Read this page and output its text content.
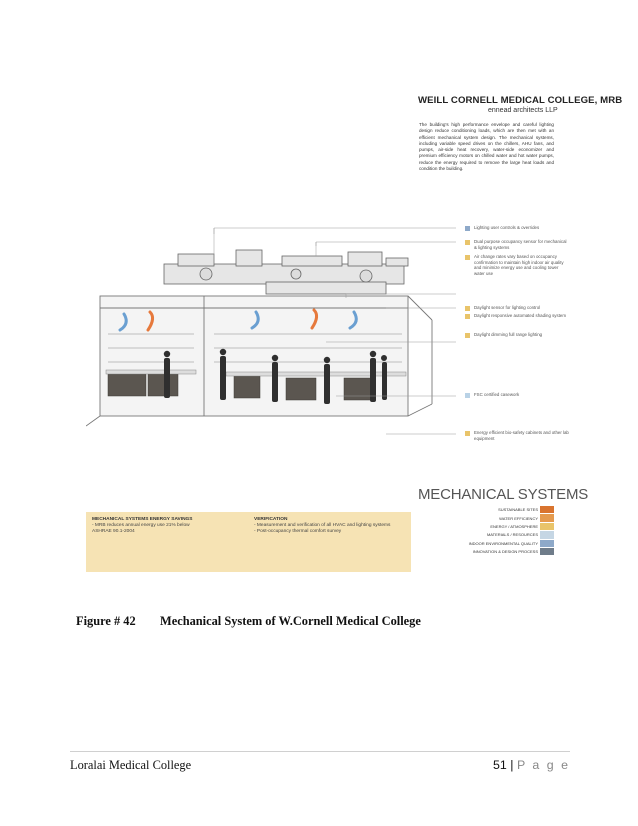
WEILL CORNELL MEDICAL COLLEGE, MRB
ennead architects LLP
The building's high performance envelope and careful lighting design reduce conditioning loads, which are then met with an efficient mechanical system design. The mechanical systems, including variable speed drives on the chillers, AHU fans, and pumps, air-side heat recovery, water-side economizer and premium efficiency motors on chilled water and hot water pumps, reduce the energy required to remove the large heat loads and condition the building.
Lighting user controls & overrides
Dual purpose occupancy sensor for mechanical & lighting systems
Air change rates vary based on occupancy confirmation to maintain high indoor air quality and minimize energy use and cooling tower water use
Daylight sensor for lighting control
Daylight responsive automated shading system
Daylight dimming full range lighting
FSC certified casework
Energy efficient bio-safety cabinets and other lab equipment
MECHANICAL SYSTEMS
MECHANICAL SYSTEMS ENERGY SAVINGS
- MRB reduces annual energy use 21% below
ASHRAE 90.1-2004
VERIFICATION
- Measurement and verification of all HVAC and lighting systems
- Post-occupancy thermal comfort survey
SUSTAINABLE SITES
WATER EFFICIENCY
ENERGY / ATMOSPHERE
MATERIALS / RESOURCES
INDOOR ENVIRONMENTAL QUALITY
INNOVATION & DESIGN PROCESS
Figure # 42 Mechanical System of W.Cornell Medical College
Loralai Medical College	51 | P a g e
